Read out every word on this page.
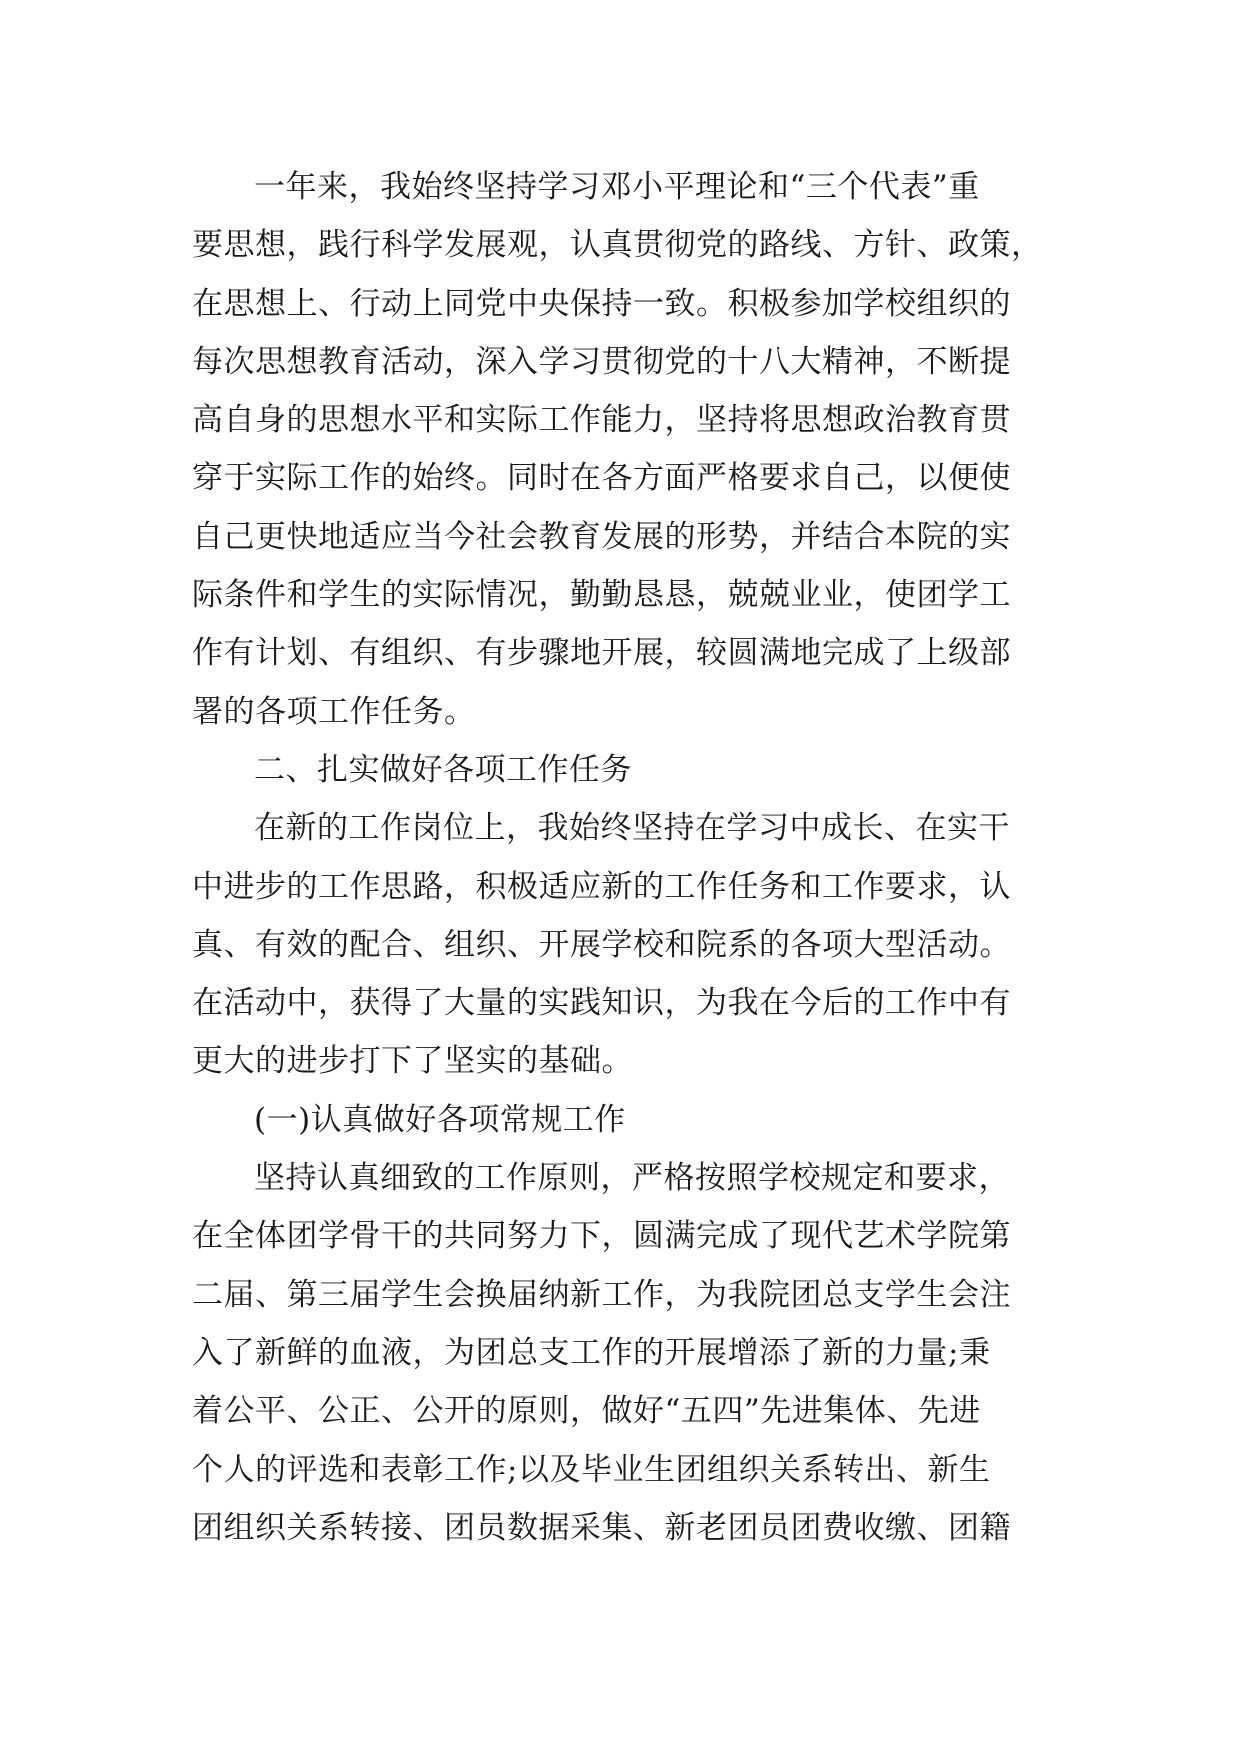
一年来，我始终坚持学习邓小平理论和“三个代表”重
要思想，践行科学发展观，认真贯彻党的路线、方针、政策，
在思想上、行动上同党中央保持一致。积极参加学校组织的
每次思想教育活动，深入学习贯彻党的十八大精神，不断提
高自身的思想水平和实际工作能力，坚持将思想政治教育贯
穿于实际工作的始终。同时在各方面严格要求自己，以便使
自己更快地适应当今社会教育发展的形势，并结合本院的实
际条件和学生的实际情况，勤勤恳恳，兢兢业业，使团学工
作有计划、有组织、有步骤地开展，较圆满地完成了上级部
署的各项工作任务。
二、扎实做好各项工作任务
在新的工作岗位上，我始终坚持在学习中成长、在实干
中进步的工作思路，积极适应新的工作任务和工作要求，认
真、有效的配合、组织、开展学校和院系的各项大型活动。
在活动中，获得了大量的实践知识，为我在今后的工作中有
更大的进步打下了坚实的基础。
(一)认真做好各项常规工作
坚持认真细致的工作原则，严格按照学校规定和要求，
在全体团学骨干的共同努力下，圆满完成了现代艺术学院第
二届、第三届学生会换届纳新工作，为我院团总支学生会注
入了新鲜的血液，为团总支工作的开展增添了新的力量;秉
着公平、公正、公开的原则，做好“五四”先进集体、先进
个人的评选和表彰工作;以及毕业生团组织关系转出、新生
团组织关系转接、团员数据采集、新老团员团费收缴、团籍
